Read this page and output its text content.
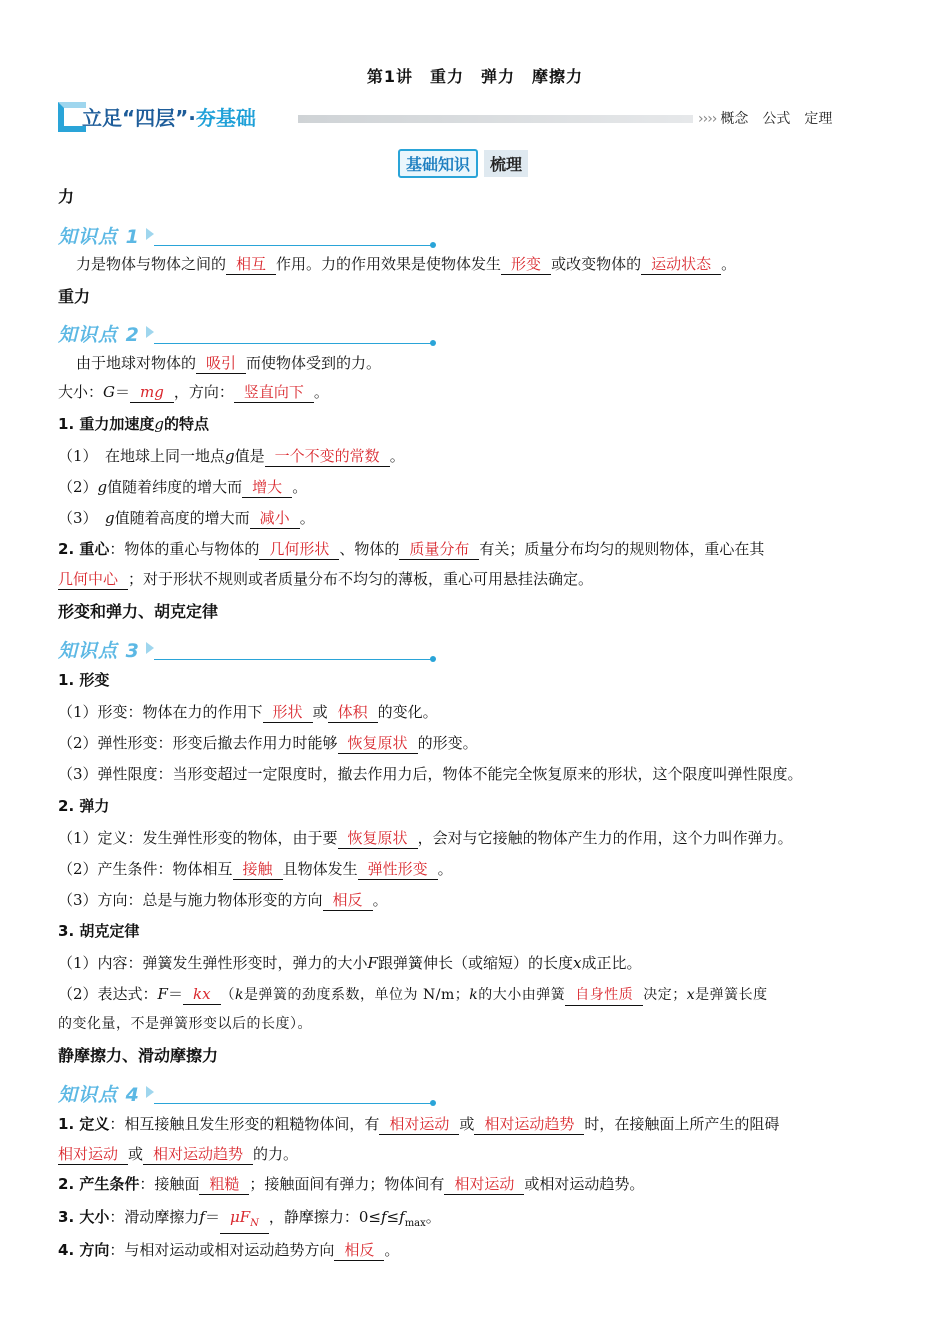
第1讲　重力　弹力　摩擦力
立足“四层”·夯基础	›››› 概念　公式　定理
基础知识	梳理
力
知识点 1
力是物体与物体之间的 相互 作用。力的作用效果是使物体发生 形变 或改变物体的 运动状态 。
重力
知识点 2
由于地球对物体的 吸引 而使物体受到的力。
大小：G＝ mg ，方向： 竖直向下 。
1. 重力加速度g的特点
（1）　在地球上同一地点g值是 一个不变的常数 。
（2）g值随着纬度的增大而 增大 。
（3）　g值随着高度的增大而 减小 。
2. 重心：物体的重心与物体的 几何形状 、物体的 质量分布 有关；质量分布均匀的规则物体，重心在其
几何中心 ；对于形状不规则或者质量分布不均匀的薄板，重心可用悬挂法确定。
形变和弹力、胡克定律
知识点 3
1. 形变
（1）形变：物体在力的作用下 形状 或 体积 的变化。
（2）弹性形变：形变后撤去作用力时能够 恢复原状 的形变。
（3）弹性限度：当形变超过一定限度时，撤去作用力后，物体不能完全恢复原来的形状，这个限度叫弹性限度。
2. 弹力
（1）定义：发生弹性形变的物体，由于要 恢复原状 ，会对与它接触的物体产生力的作用，这个力叫作弹力。
（2）产生条件：物体相互 接触 且物体发生 弹性形变 。
（3）方向：总是与施力物体形变的方向 相反 。
3. 胡克定律
（1）内容：弹簧发生弹性形变时，弹力的大小F跟弹簧伸长（或缩短）的长度x成正比。
（2）表达式：F＝ kx （k是弹簧的劲度系数，单位为 N/m；k的大小由弹簧 自身性质 决定；x是弹簧长度
的变化量，不是弹簧形变以后的长度）。
静摩擦力、滑动摩擦力
知识点 4
1. 定义：相互接触且发生形变的粗糙物体间，有 相对运动 或 相对运动趋势 时，在接触面上所产生的阻碍
相对运动 或 相对运动趋势 的力。
2. 产生条件：接触面 粗糙 ；接触面间有弹力；物体间有 相对运动 或相对运动趋势。
3. 大小：滑动摩擦力$f= \mu F_N$ ，静摩擦力：$0\le f\le f_{max}$。
4. 方向：与相对运动或相对运动趋势方向 相反 。
